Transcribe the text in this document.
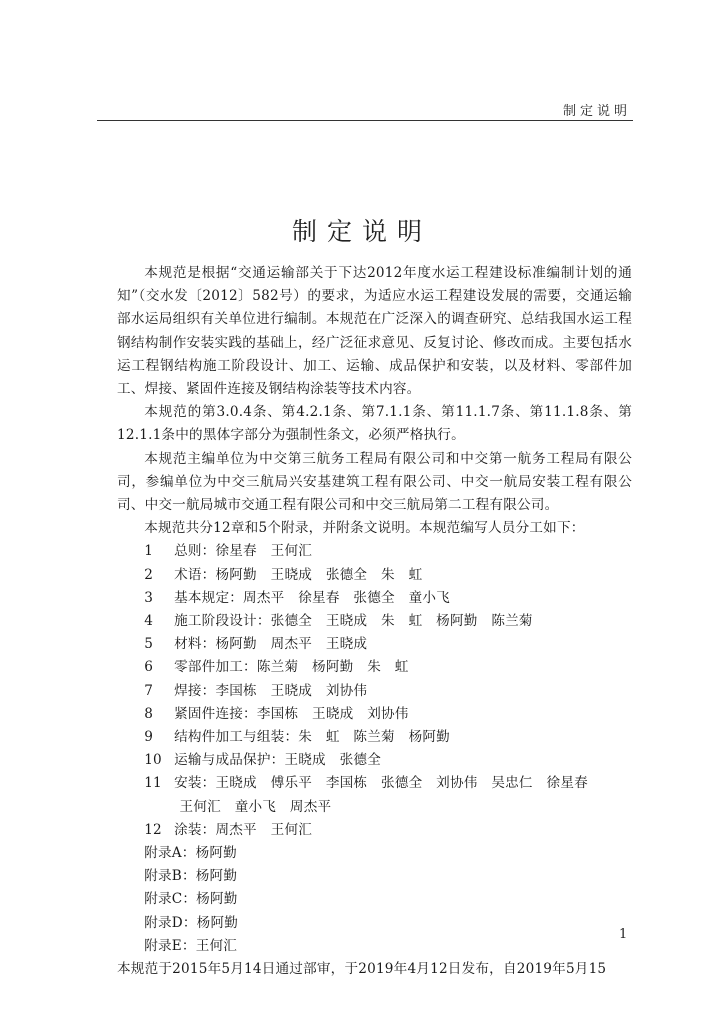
制定说明
制定说明

本规范是根据“交通运输部关于下达2012年度水运工程建设标准编制计划的通知”（交水发〔2012〕582号）的要求，为适应水运工程建设发展的需要，交通运输部水运局组织有关单位进行编制。本规范在广泛深入的调查研究、总结我国水运工程钢结构制作安装实践的基础上，经广泛征求意见、反复讨论、修改而成。主要包括水运工程钢结构施工阶段设计、加工、运输、成品保护和安装，以及材料、零部件加工、焊接、紧固件连接及钢结构涂装等技术内容。

本规范的第3.0.4条、第4.2.1条、第7.1.1条、第11.1.7条、第11.1.8条、第12.1.1条中的黑体字部分为强制性条文，必须严格执行。

本规范主编单位为中交第三航务工程局有限公司和中交第一航务工程局有限公司，参编单位为中交三航局兴安基建筑工程有限公司、中交一航局安装工程有限公司、中交一航局城市交通工程有限公司和中交三航局第二工程有限公司。

本规范共分12章和5个附录，并附条文说明。本规范编写人员分工如下：

1	总则：徐星春　王何汇
2	术语：杨阿勤　王晓成　张德全　朱　虹
3	基本规定：周杰平　徐星春　张德全　童小飞
4	施工阶段设计：张德全　王晓成　朱　虹　杨阿勤　陈兰菊
5	材料：杨阿勤　周杰平　王晓成
6	零部件加工：陈兰菊　杨阿勤　朱　虹
7	焊接：李国栋　王晓成　刘协伟
8	紧固件连接：李国栋　王晓成　刘协伟
9	结构件加工与组装：朱　虹　陈兰菊　杨阿勤
10 运输与成品保护：王晓成　张德全
11 安装：王晓成　傅乐平　李国栋　张德全　刘协伟　吴忠仁　徐星春
王何汇　童小飞　周杰平
12 涂装：周杰平　王何汇
附录A：杨阿勤
附录B：杨阿勤
附录C：杨阿勤
附录D：杨阿勤
附录E：王何汇

本规范于2015年5月14日通过部审，于2019年4月12日发布，自2019年5月15

1
